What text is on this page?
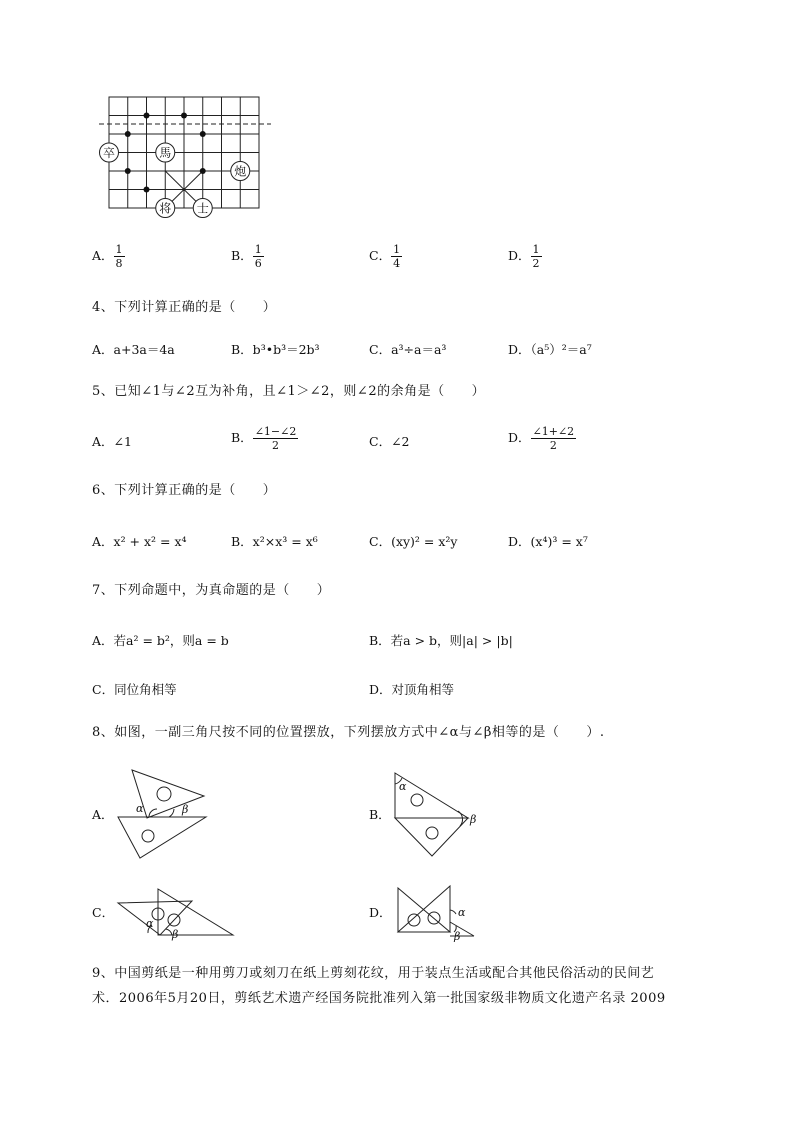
卒	馬
炮
将 士
A． $\frac{1}{8}$	B． $\frac{1}{6}$	C． $\frac{1}{4}$	D． $\frac{1}{2}$
4、下列计算正确的是（　　）
A．a+3a＝4a	B．b³•b³＝2b³	C．a³÷a＝a³	D．（a⁵）²＝a⁷
5、已知∠1与∠2互为补角，且∠1＞∠2，则∠2的余角是（　　）
A．∠1	B． $\frac{\angle 1-\angle 2}{2}$	C．∠2	D． $\frac{\angle 1+\angle 2}{2}$
6、下列计算正确的是（　　）
A．x² + x² = x⁴	B．x²×x³ = x⁶	C．(xy)² = x²y	D．(x⁴)³ = x⁷
7、下列命题中，为真命题的是（　　）
A．若a² = b²，则a = b	B．若a > b，则|a| > |b|
C．同位角相等	D．对顶角相等
8、如图，一副三角尺按不同的位置摆放，下列摆放方式中∠α与∠β相等的是（　　）.
A． α	β	B．
α
β
C．
α
β
D．	α
β
9、中国剪纸是一种用剪刀或刻刀在纸上剪刻花纹，用于装点生活或配合其他民俗活动的民间艺
术．2006年5月20日，剪纸艺术遗产经国务院批准列入第一批国家级非物质文化遗产名录 2009
